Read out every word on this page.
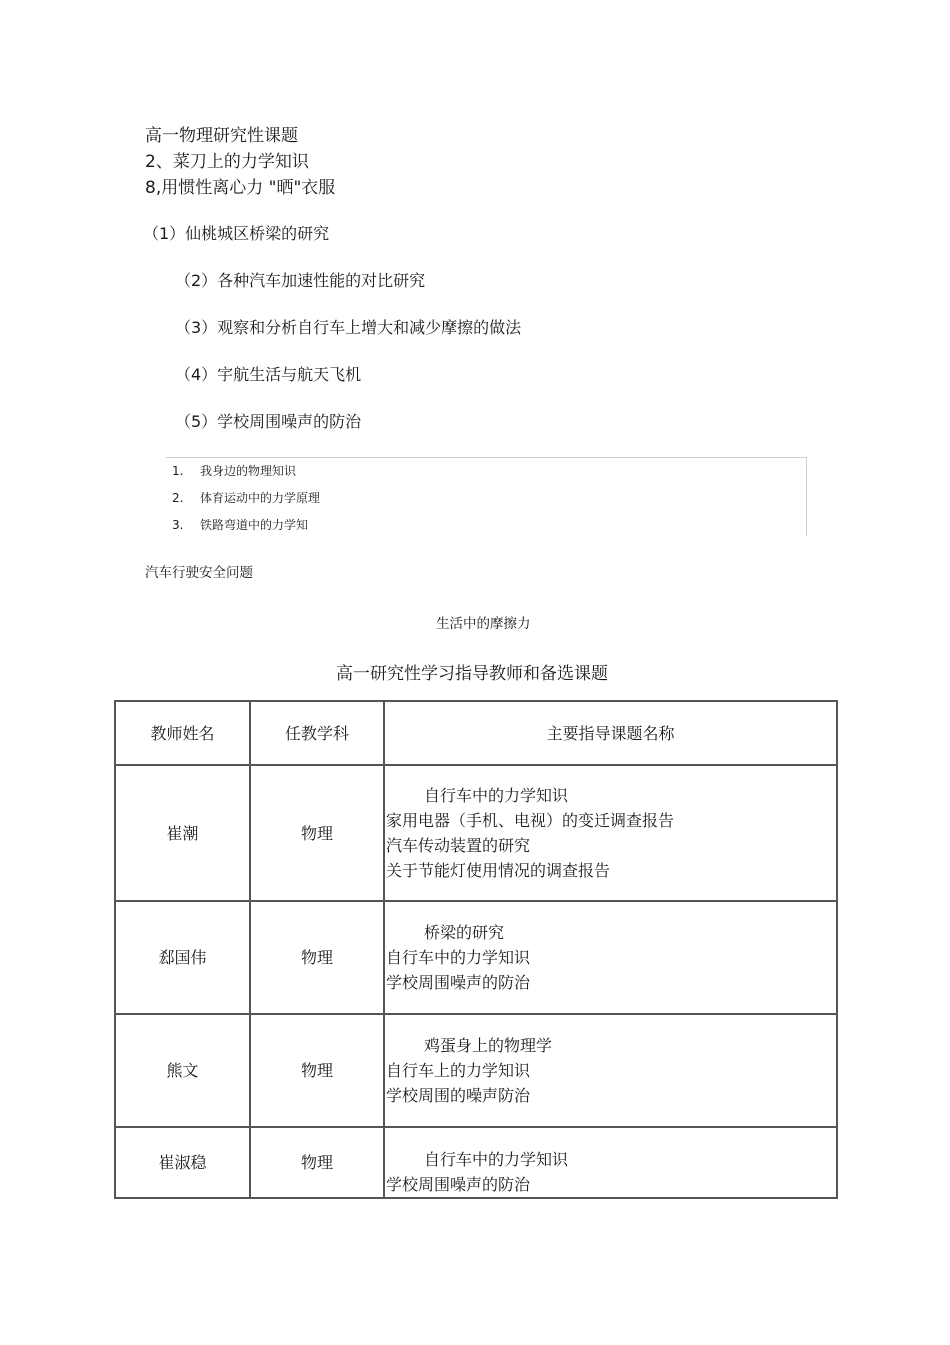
高一物理研究性课题
2、菜刀上的力学知识
8,用惯性离心力 "晒"衣服
（1）仙桃城区桥梁的研究
（2）各种汽车加速性能的对比研究
（3）观察和分析自行车上增大和减少摩擦的做法
（4）宇航生活与航天飞机
（5）学校周围噪声的防治
1. 我身边的物理知识
2. 体育运动中的力学原理
3. 铁路弯道中的力学知
汽车行驶安全问题
生活中的摩擦力
高一研究性学习指导教师和备选课题
教师姓名	任教学科	主要指导课题名称
崔潮	物理	自行车中的力学知识
家用电器（手机、电视）的变迁调查报告
汽车传动装置的研究
关于节能灯使用情况的调查报告

郄国伟	物理	桥梁的研究
自行车中的力学知识
学校周围噪声的防治

熊文	物理	鸡蛋身上的物理学
自行车上的力学知识
学校周围的噪声防治

崔淑稳	物理	自行车中的力学知识
学校周围噪声的防治
